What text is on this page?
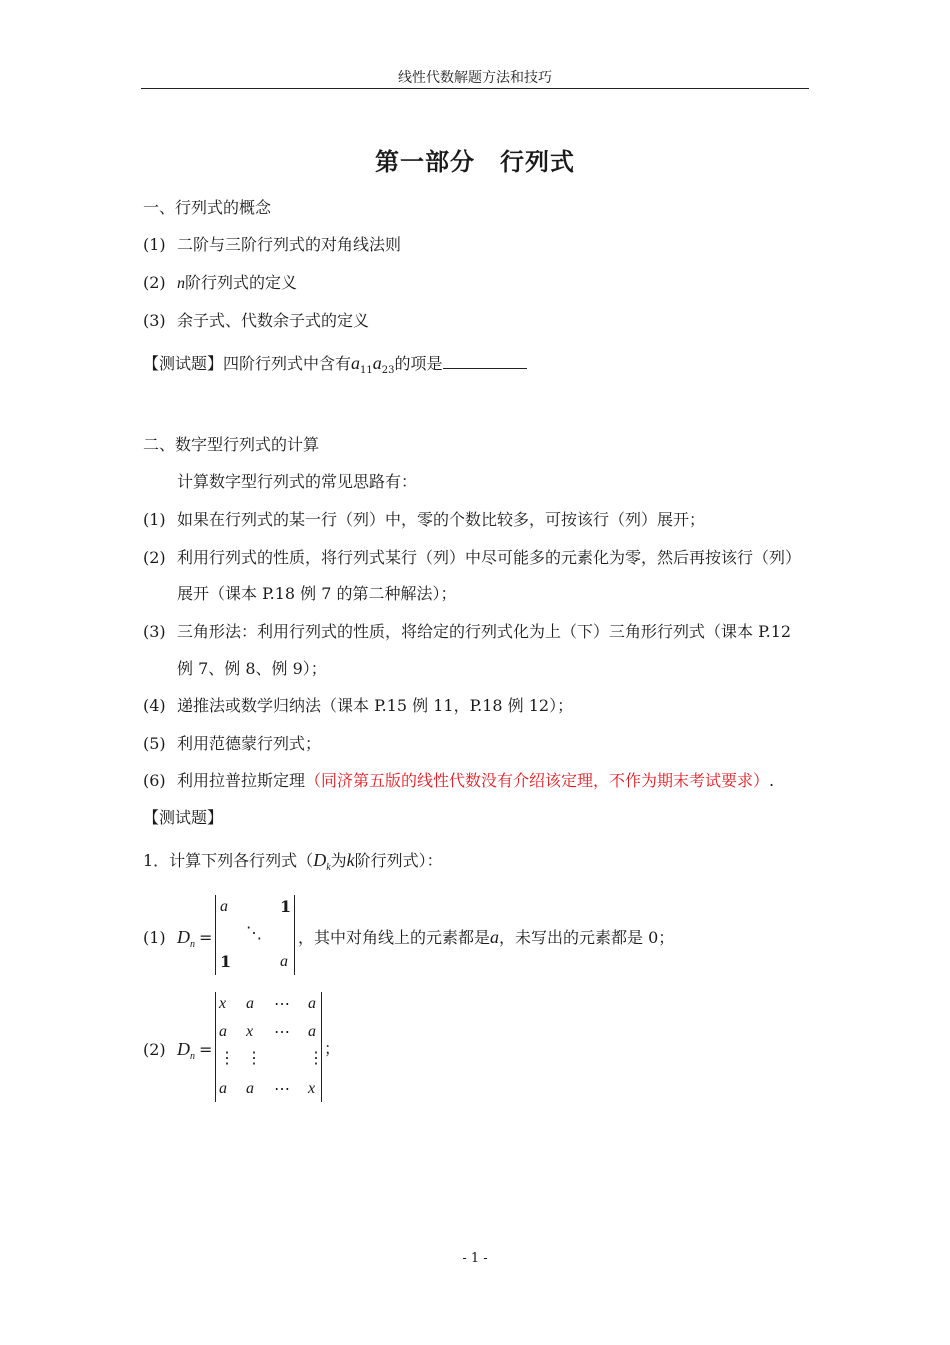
线性代数解题方法和技巧
第一部分　行列式
一、行列式的概念
(1) 二阶与三阶行列式的对角线法则
(2) n阶行列式的定义
(3) 余子式、代数余子式的定义
【测试题】四阶行列式中含有$a_{11}a_{23}$的项是
二、数字型行列式的计算
计算数字型行列式的常见思路有：
(1) 如果在行列式的某一行（列）中，零的个数比较多，可按该行（列）展开；
(2) 利用行列式的性质，将行列式某行（列）中尽可能多的元素化为零，然后再按该行（列）
展开（课本 P.18 例 7 的第二种解法）；
(3) 三角形法：利用行列式的性质，将给定的行列式化为上（下）三角形行列式（课本 P.12
例 7、例 8、例 9）；
(4) 递推法或数学归纳法（课本 P.15 例 11，P.18 例 12）；
(5) 利用范德蒙行列式；
(6) 利用拉普拉斯定理（同济第五版的线性代数没有介绍该定理，不作为期末考试要求）.
【测试题】
1．计算下列各行列式（$D_k$为k阶行列式）：
(1) $D_n$ =
a	1
⋱
1	a
，其中对角线上的元素都是a，未写出的元素都是 0；
(2) $D_n$ =
x a ⋯ a
a x ⋯ a
⋮ ⋮	⋮
a a ⋯ x
；
- 1 -
